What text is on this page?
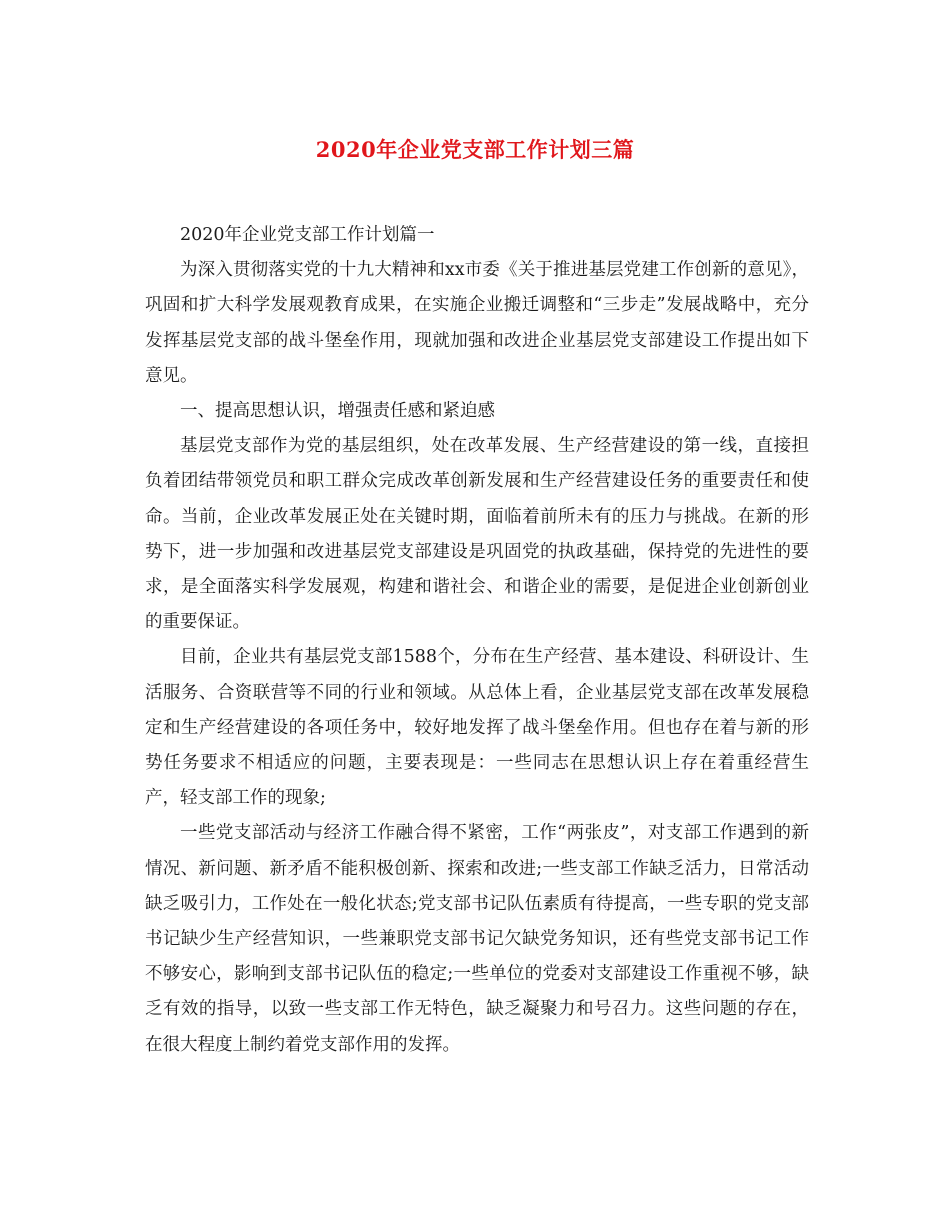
2020年企业党支部工作计划三篇

2020年企业党支部工作计划篇一

为深入贯彻落实党的十九大精神和xx市委《关于推进基层党建工作创新的意见》，巩固和扩大科学发展观教育成果，在实施企业搬迁调整和“三步走”发展战略中，充分发挥基层党支部的战斗堡垒作用，现就加强和改进企业基层党支部建设工作提出如下意见。

一、提高思想认识，增强责任感和紧迫感

基层党支部作为党的基层组织，处在改革发展、生产经营建设的第一线，直接担负着团结带领党员和职工群众完成改革创新发展和生产经营建设任务的重要责任和使命。当前，企业改革发展正处在关键时期，面临着前所未有的压力与挑战。在新的形势下，进一步加强和改进基层党支部建设是巩固党的执政基础，保持党的先进性的要求，是全面落实科学发展观，构建和谐社会、和谐企业的需要，是促进企业创新创业的重要保证。

目前，企业共有基层党支部1588个，分布在生产经营、基本建设、科研设计、生活服务、合资联营等不同的行业和领域。从总体上看，企业基层党支部在改革发展稳定和生产经营建设的各项任务中，较好地发挥了战斗堡垒作用。但也存在着与新的形势任务要求不相适应的问题，主要表现是：一些同志在思想认识上存在着重经营生产，轻支部工作的现象;

一些党支部活动与经济工作融合得不紧密，工作“两张皮”，对支部工作遇到的新情况、新问题、新矛盾不能积极创新、探索和改进;一些支部工作缺乏活力，日常活动缺乏吸引力，工作处在一般化状态;党支部书记队伍素质有待提高，一些专职的党支部书记缺少生产经营知识，一些兼职党支部书记欠缺党务知识，还有些党支部书记工作不够安心，影响到支部书记队伍的稳定;一些单位的党委对支部建设工作重视不够，缺乏有效的指导，以致一些支部工作无特色，缺乏凝聚力和号召力。这些问题的存在，在很大程度上制约着党支部作用的发挥。
